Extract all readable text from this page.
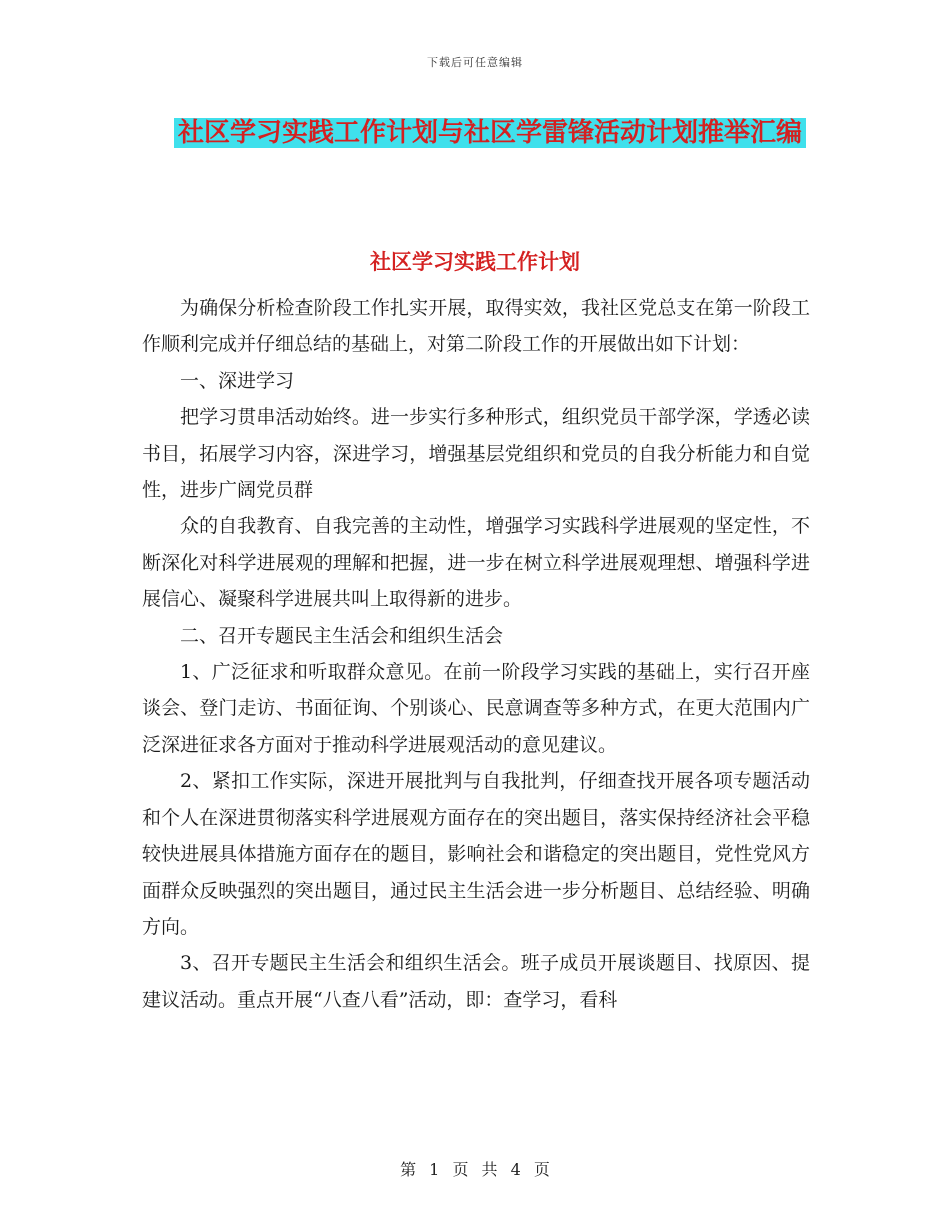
下载后可任意编辑
社区学习实践工作计划与社区学雷锋活动计划推举汇编
社区学习实践工作计划

为确保分析检查阶段工作扎实开展，取得实效，我社区党总支在第一阶段工作顺利完成并仔细总结的基础上，对第二阶段工作的开展做出如下计划：

一、深进学习

把学习贯串活动始终。进一步实行多种形式，组织党员干部学深，学透必读书目，拓展学习内容，深进学习，增强基层党组织和党员的自我分析能力和自觉性，进步广阔党员群

众的自我教育、自我完善的主动性，增强学习实践科学进展观的坚定性，不断深化对科学进展观的理解和把握，进一步在树立科学进展观理想、增强科学进展信心、凝聚科学进展共叫上取得新的进步。

二、召开专题民主生活会和组织生活会

1、广泛征求和听取群众意见。在前一阶段学习实践的基础上，实行召开座谈会、登门走访、书面征询、个别谈心、民意调查等多种方式，在更大范围内广泛深进征求各方面对于推动科学进展观活动的意见建议。

2、紧扣工作实际，深进开展批判与自我批判，仔细查找开展各项专题活动和个人在深进贯彻落实科学进展观方面存在的突出题目，落实保持经济社会平稳较快进展具体措施方面存在的题目，影响社会和谐稳定的突出题目，党性党风方面群众反映强烈的突出题目，通过民主生活会进一步分析题目、总结经验、明确方向。

3、召开专题民主生活会和组织生活会。班子成员开展谈题目、找原因、提建议活动。重点开展“八查八看”活动，即：查学习，看科

第 1 页 共 4 页
